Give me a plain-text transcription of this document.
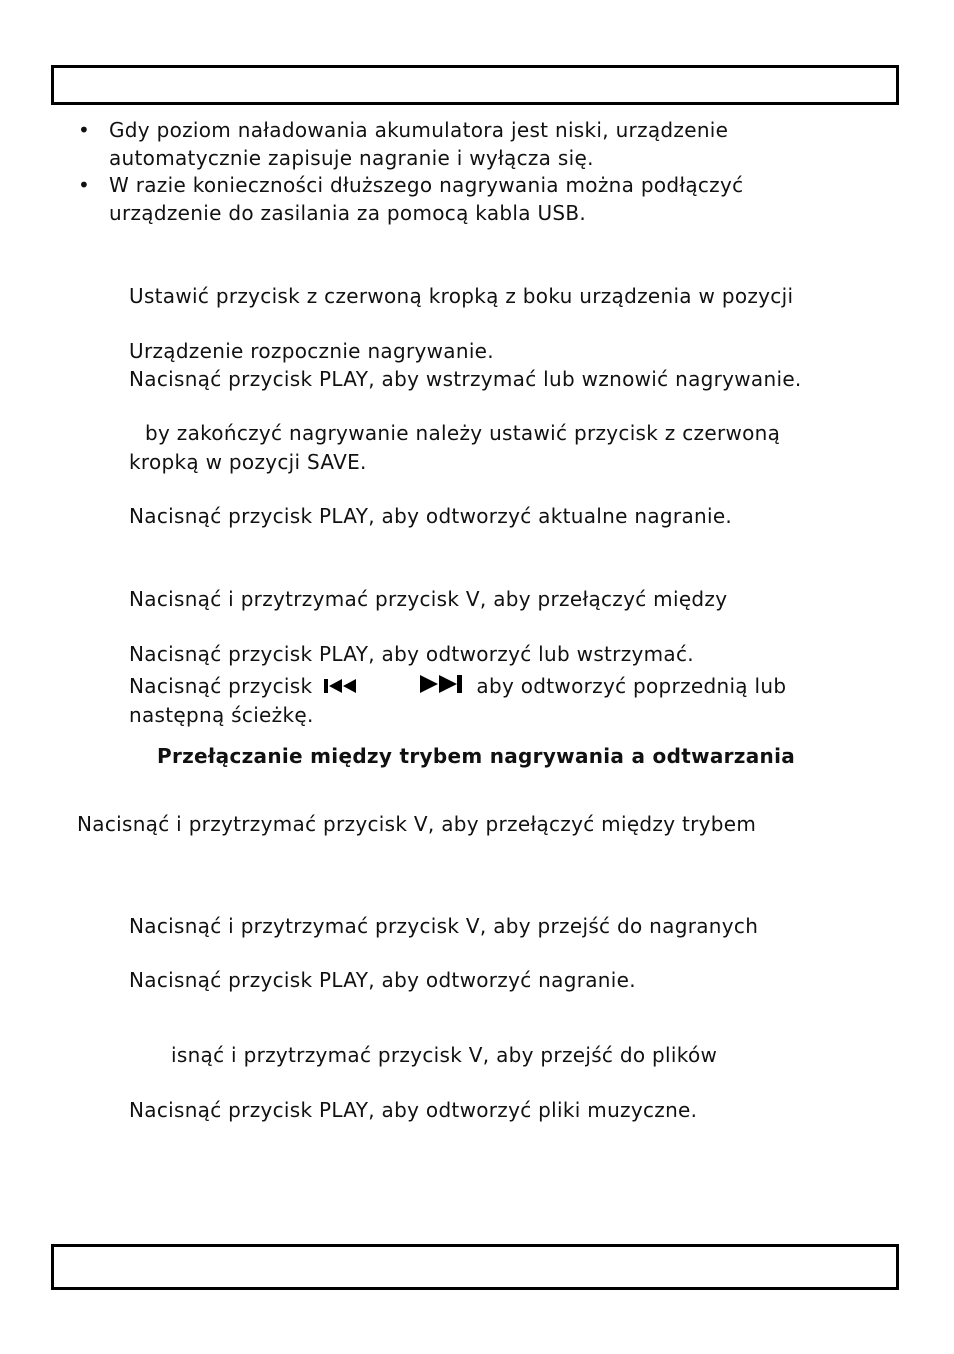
• Gdy poziom naładowania akumulatora jest niski, urządzenie
automatycznie zapisuje nagranie i wyłącza się.
• W razie konieczności dłuższego nagrywania można podłączyć
urządzenie do zasilania za pomocą kabla USB.
Ustawić przycisk z czerwoną kropką z boku urządzenia w pozycji
Urządzenie rozpocznie nagrywanie.
Nacisnąć przycisk PLAY, aby wstrzymać lub wznowić nagrywanie.
by zakończyć nagrywanie należy ustawić przycisk z czerwoną
kropką w pozycji SAVE.
Nacisnąć przycisk PLAY, aby odtworzyć aktualne nagranie.
Nacisnąć i przytrzymać przycisk V, aby przełączyć między
Nacisnąć przycisk PLAY, aby odtworzyć lub wstrzymać.
Nacisnąć przycisk	aby odtworzyć poprzednią lub
następną ścieżkę.
Przełączanie między trybem nagrywania a odtwarzania
Nacisnąć i przytrzymać przycisk V, aby przełączyć między trybem
Nacisnąć i przytrzymać przycisk V, aby przejść do nagranych
Nacisnąć przycisk PLAY, aby odtworzyć nagranie.
isnąć i przytrzymać przycisk V, aby przejść do plików
Nacisnąć przycisk PLAY, aby odtworzyć pliki muzyczne.
